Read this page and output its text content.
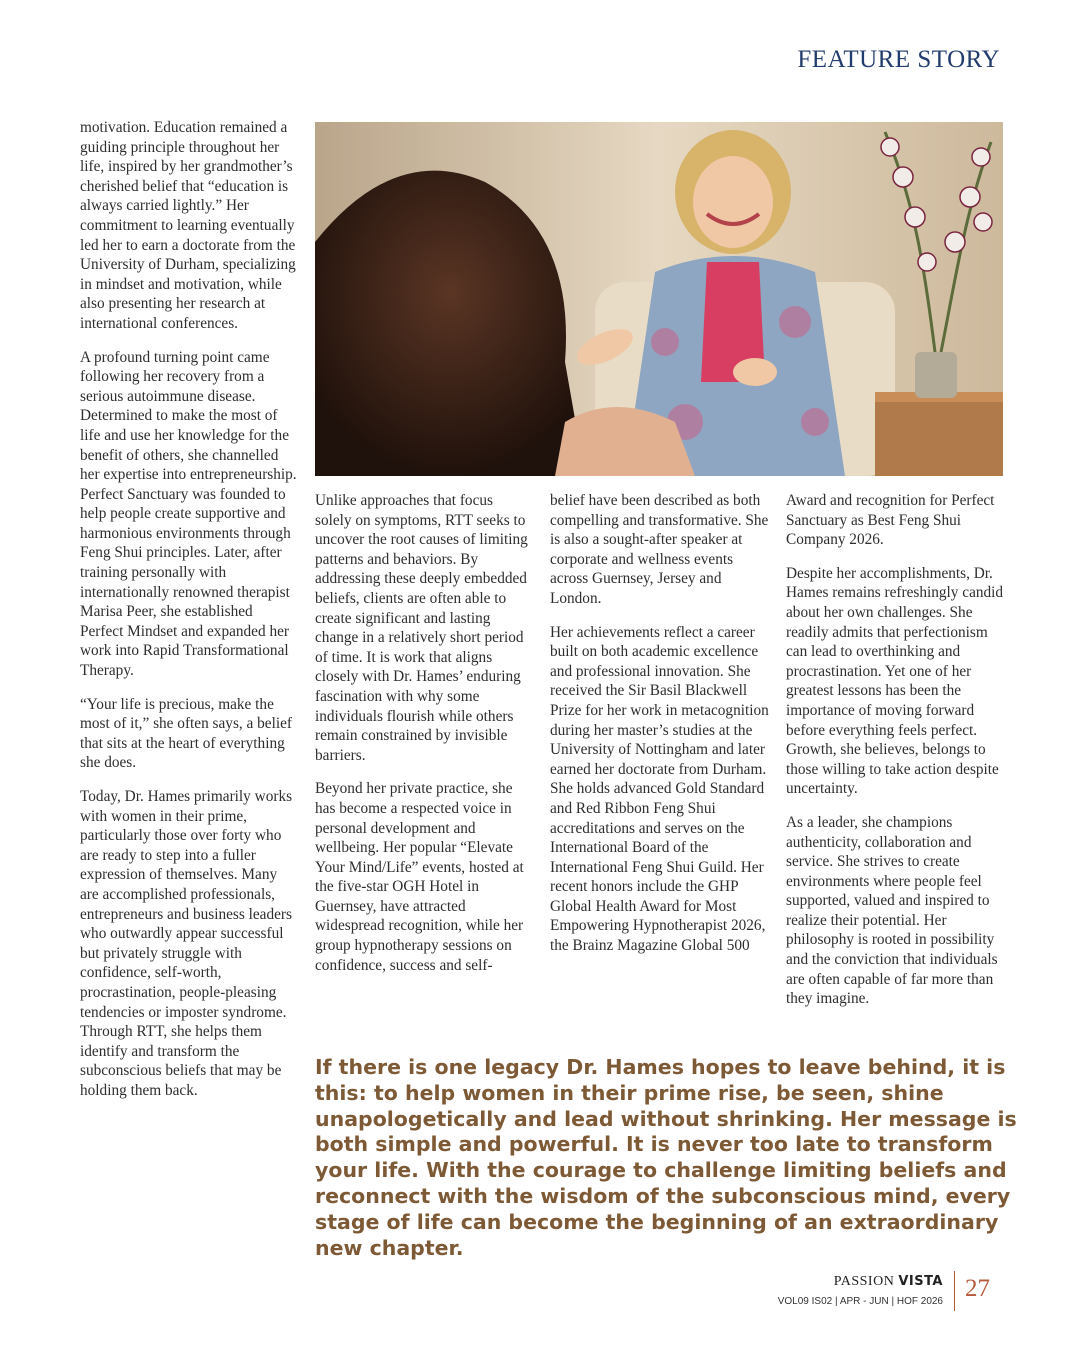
FEATURE STORY

motivation. Education remained a guiding principle throughout her life, inspired by her grandmother’s cherished belief that “education is always carried lightly.” Her commitment to learning eventually led her to earn a doctorate from the University of Durham, specializing in mindset and motivation, while also presenting her research at international conferences.

A profound turning point came following her recovery from a serious autoimmune disease. Determined to make the most of life and use her knowledge for the benefit of others, she channelled her expertise into entrepreneurship. Perfect Sanctuary was founded to help people create supportive and harmonious environments through Feng Shui principles. Later, after training personally with internationally renowned therapist Marisa Peer, she established Perfect Mindset and expanded her work into Rapid Transformational Therapy.

“Your life is precious, make the most of it,” she often says, a belief that sits at the heart of everything she does.

Today, Dr. Hames primarily works with women in their prime, particularly those over forty who are ready to step into a fuller expression of themselves. Many are accomplished professionals, entrepreneurs and business leaders who outwardly appear successful but privately struggle with confidence, self-worth, procrastination, people-pleasing tendencies or imposter syndrome. Through RTT, she helps them identify and transform the subconscious beliefs that may be holding them back.

Unlike approaches that focus solely on symptoms, RTT seeks to uncover the root causes of limiting patterns and behaviors. By addressing these deeply embedded beliefs, clients are often able to create significant and lasting change in a relatively short period of time. It is work that aligns closely with Dr. Hames’ enduring fascination with why some individuals flourish while others remain constrained by invisible barriers.

Beyond her private practice, she has become a respected voice in personal development and wellbeing. Her popular “Elevate Your Mind/Life” events, hosted at the five-star OGH Hotel in Guernsey, have attracted widespread recognition, while her group hypnotherapy sessions on confidence, success and self-

belief have been described as both compelling and transformative. She is also a sought-after speaker at corporate and wellness events across Guernsey, Jersey and London.

Her achievements reflect a career built on both academic excellence and professional innovation. She received the Sir Basil Blackwell Prize for her work in metacognition during her master’s studies at the University of Nottingham and later earned her doctorate from Durham. She holds advanced Gold Standard and Red Ribbon Feng Shui accreditations and serves on the International Board of the International Feng Shui Guild. Her recent honors include the GHP Global Health Award for Most Empowering Hypnotherapist 2026, the Brainz Magazine Global 500

Award and recognition for Perfect Sanctuary as Best Feng Shui Company 2026.

Despite her accomplishments, Dr. Hames remains refreshingly candid about her own challenges. She readily admits that perfectionism can lead to overthinking and procrastination. Yet one of her greatest lessons has been the importance of moving forward before everything feels perfect. Growth, she believes, belongs to those willing to take action despite uncertainty.

As a leader, she champions authenticity, collaboration and service. She strives to create environments where people feel supported, valued and inspired to realize their potential. Her philosophy is rooted in possibility and the conviction that individuals are often capable of far more than they imagine.

If there is one legacy Dr. Hames hopes to leave behind, it is this: to help women in their prime rise, be seen, shine unapologetically and lead without shrinking. Her message is both simple and powerful. It is never too late to transform your life. With the courage to challenge limiting beliefs and reconnect with the wisdom of the subconscious mind, every stage of life can become the beginning of an extraordinary new chapter.
PASSION VISTA
VOL09 IS02 | APR - JUN | HOF 2026 27
